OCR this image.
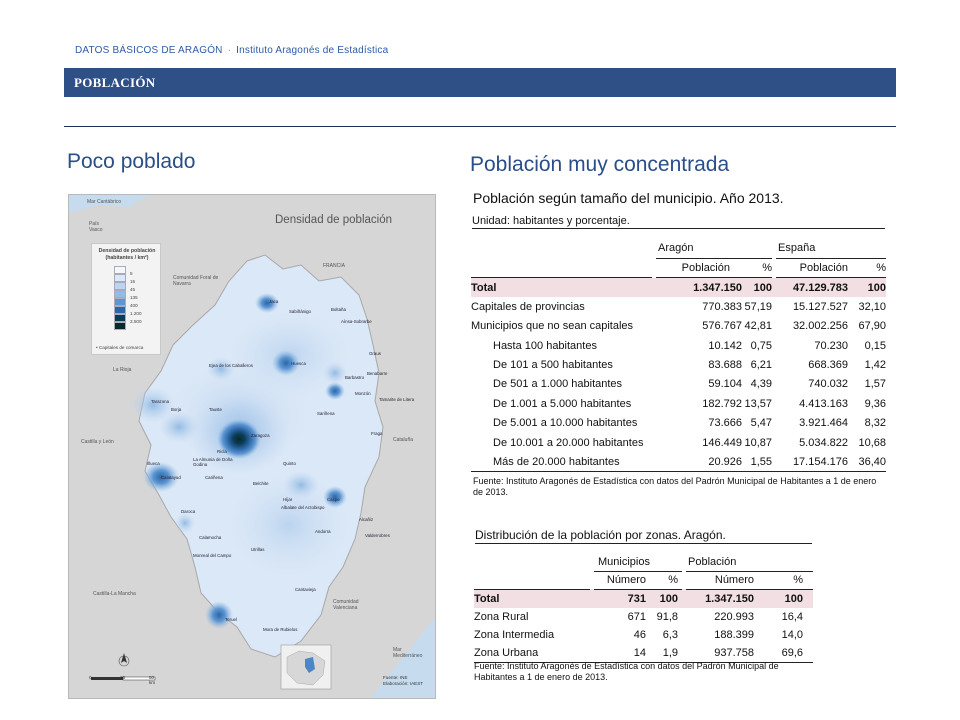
DATOS BÁSICOS DE ARAGÓN · Instituto Aragonés de Estadística
POBLACIÓN
Poco poblado	Población muy concentrada
Densidad de población
Densidad de población (habitantes / km²)
5
15
45
135
400
1.200
3.500
• Capitales de comarca
Mar Cantábrico
País Vasco
Comunidad Foral de Navarra
FRANCIA
La Rioja
Castilla y León	Cataluña
Castilla-La Mancha
Comunidad Valenciana
Mar Mediterráneo
Jaca
Sabiñánigo	Boltaña
Aínsa-Sobrarbe
Graus
Huesca
Ejea de los Caballeros
Barbastro
Monzón
Benabarre
Tamarite de Litera
Tarazona
Borja	Tauste
Zaragoza	Fraga
Sariñena
Caspe
Alcañiz
Calatayud
Daroca
Belchite
Híjar
Albalate del Arzobispo
Andorra
Valderrobres
Calamocha
Monreal del Campo
Utrillas
Cantavieja
Teruel
Mora de Rubielos
La Almunia de Doña Godina
Cariñena
Quinto
Illueca
Ricla
0	25	50 km
Fuente: INE
Elaboración: IAEST
Población según tamaño del municipio. Año 2013.
Unidad: habitantes y porcentaje.
		Aragón			España	
		Población	%		Población	%
Total		1.347.150	100		47.129.783	100
Capitales de provincias		770.383	57,19		15.127.527	32,10
Municipios que no sean capitales		576.767	42,81		32.002.256	67,90
Hasta 100 habitantes		10.142	0,75		70.230	0,15
De 101 a 500 habitantes		83.688	6,21		668.369	1,42
De 501 a 1.000 habitantes		59.104	4,39		740.032	1,57
De 1.001 a 5.000 habitantes		182.792	13,57		4.413.163	9,36
De 5.001 a 10.000 habitantes		73.666	5,47		3.921.464	8,32
De 10.001 a 20.000 habitantes		146.449	10,87		5.034.822	10,68
Más de 20.000 habitantes		20.926	1,55		17.154.176	36,40
Fuente: Instituto Aragonés de Estadística con datos del Padrón Municipal de Habitantes a 1 de enero de 2013.
Distribución de la población por zonas. Aragón.
		Municipios			Población	
		Número	%		Número	%
Total		731	100		1.347.150	100
Zona Rural		671	91,8		220.993	16,4
Zona Intermedia		46	6,3		188.399	14,0
Zona Urbana		14	1,9		937.758	69,6
Fuente: Instituto Aragonés de Estadística con datos del Padrón Municipal de Habitantes a 1 de enero de 2013.
